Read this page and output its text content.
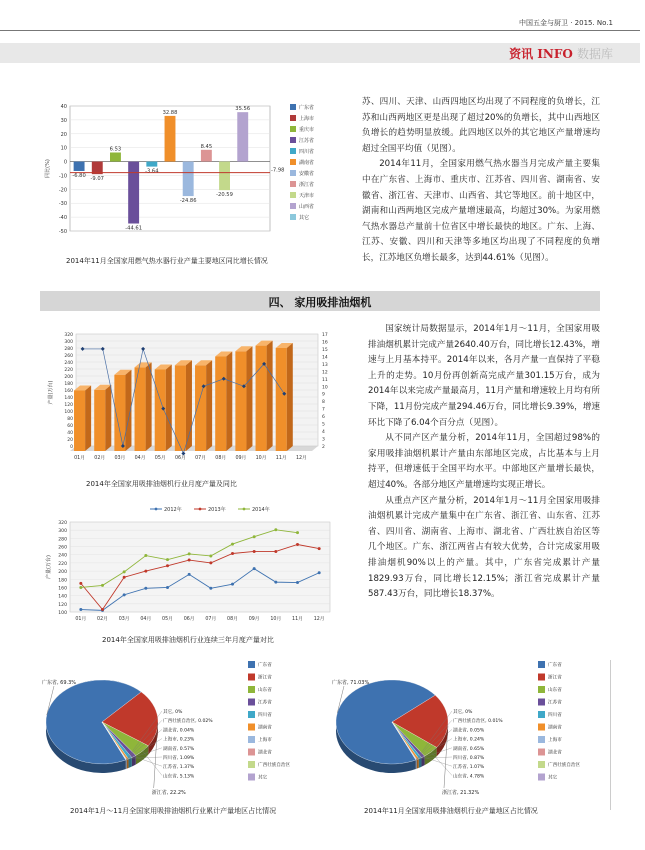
中国五金与厨卫 · 2015. No.1
资讯 INFO 数据库
40
30
20
10
0
-10
-20
-30
-40
-50
同比(%)	-6.80
-9.07
6.53
-44.61
-3.64
32.88
-24.86
8.45
-20.59
35.56
-7.98
广东省
上海市
重庆市
江苏省
四川省
湖南省
安徽省
浙江省
天津市
山西省
其它
2014年11月全国家用燃气热水器行业产量主要地区同比增长情况

苏、四川、天津、山西四地区均出现了不同程度的负增长，江苏和山西两地区更是出现了超过20%的负增长，其中山西地区负增长的趋势明显放缓。此四地区以外的其它地区产量增速均超过全国平均值（见图）。

2014年11月，全国家用燃气热水器当月完成产量主要集中在广东省、上海市、重庆市、江苏省、四川省、湖南省、安徽省、浙江省、天津市、山西省、其它等地区。前十地区中，湖南和山西两地区完成产量增速最高，均超过30%。为家用燃气热水器总产量前十位省区中增长最快的地区。广东、上海、江苏、安徽、四川和天津等多地区均出现了不同程度的负增长，江苏地区负增长最多，达到44.61%（见图）。

四、 家用吸排油烟机
320
300
280
260
240
220
200
180
160
140
120
100
80
60
40
20
0
17
16
15
14
13
12
11
10
9
8
7
6
5
4
3
2
产量(万台)
01月 02月 03月 04月 05月 06月 07月 08月 09月 10月 11月 12月
2014年全国家用吸排油烟机行业月度产量及同比
2012年	2013年	2014年
320
300
280
260
240
220
200
180
160
140
120
100
产量(万台)
01月 02月 03月 04月 05月 06月 07月 08月 09月 10月 11月 12月
2014年全国家用吸排油烟机行业连续三年月度产量对比

国家统计局数据显示，2014年1月～11月，全国家用吸排油烟机累计完成产量2640.40万台，同比增长12.43%，增速与上月基本持平。2014年以来，各月产量一直保持了平稳上升的走势。10月份再创新高完成产量301.15万台，成为2014年以来完成产量最高月，11月产量和增速较上月均有所下降，11月份完成产量294.46万台，同比增长9.39%，增速环比下降了6.04个百分点（见图）。

从不同产区产量分析，2014年11月，全国超过98%的家用吸排油烟机累计产量由东部地区完成，占比基本与上月持平，但增速低于全国平均水平。中部地区产量增长最快，超过40%。各部分地区产量增速均实现正增长。

从重点产区产量分析，2014年1月～11月全国家用吸排油烟机累计完成产量集中在广东省、浙江省、山东省、江苏省、四川省、湖南省、上海市、湖北省、广西壮族自治区等几个地区。广东、浙江两省占有较大优势，合计完成家用吸排油烟机90%以上的产量。其中，广东省完成累计产量1829.93万台，同比增长12.15%；浙江省完成累计产量587.43万台，同比增长18.37%。

广东省, 69.3%
浙江省, 22.2%
其它, 0%
广西壮族自治区, 0.02%
湖北省, 0.04%
上海市, 0.23%
湖南省, 0.57%
四川省, 1.09%
江苏省, 1.37%
山东省, 5.13%
广东省
浙江省
山东省
江苏省
四川省
湖南省
上海市
湖北省
广西壮族自治区
其它
2014年1月～11月全国家用吸排油烟机行业累计产量地区占比情况
广东省, 71.03%
浙江省, 21.32%
其它, 0%
广西壮族自治区, 0.01%
湖北省, 0.05%
上海市, 0.24%
湖南省, 0.65%
四川省, 0.87%
江苏省, 1.07%
山东省, 4.78%
广东省
浙江省
山东省
江苏省
四川省
湖南省
上海市
湖北省
广西壮族自治区
其它
2014年11月全国家用吸排油烟机行业产量地区占比情况
